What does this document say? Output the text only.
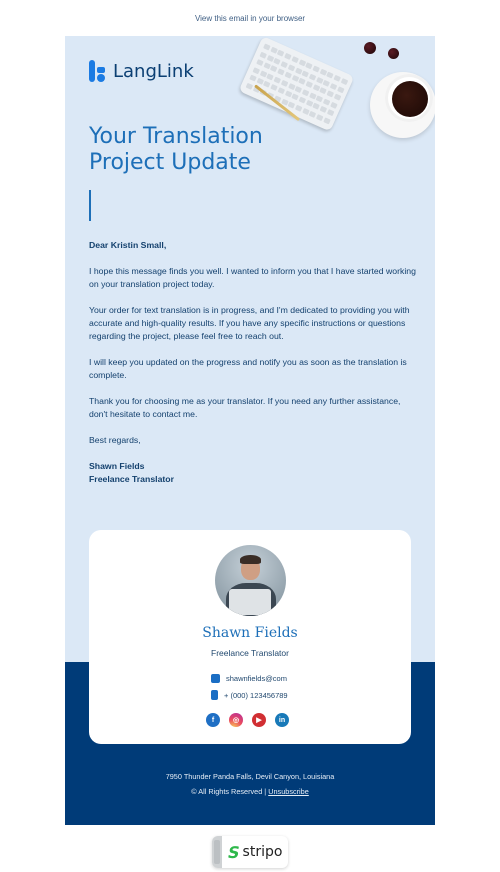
View this email in your browser
LangLink
Your Translation
Project Update

Dear Kristin Small,

I hope this message finds you well. I wanted to inform you that I have started working on your translation project today.

Your order for text translation is in progress, and I'm dedicated to providing you with accurate and high-quality results. If you have any specific instructions or questions regarding the project, please feel free to reach out.

I will keep you updated on the progress and notify you as soon as the translation is complete.

Thank you for choosing me as your translator. If you need any further assistance, don't hesitate to contact me.

Best regards,

Shawn Fields
Freelance Translator
Shawn Fields
Freelance Translator
shawnfields@com
+ (000) 123456789
f	◎	▶	in
7950 Thunder Panda Falls, Devil Canyon, Louisiana
© All Rights Reserved | Unsubscribe
S stripo
